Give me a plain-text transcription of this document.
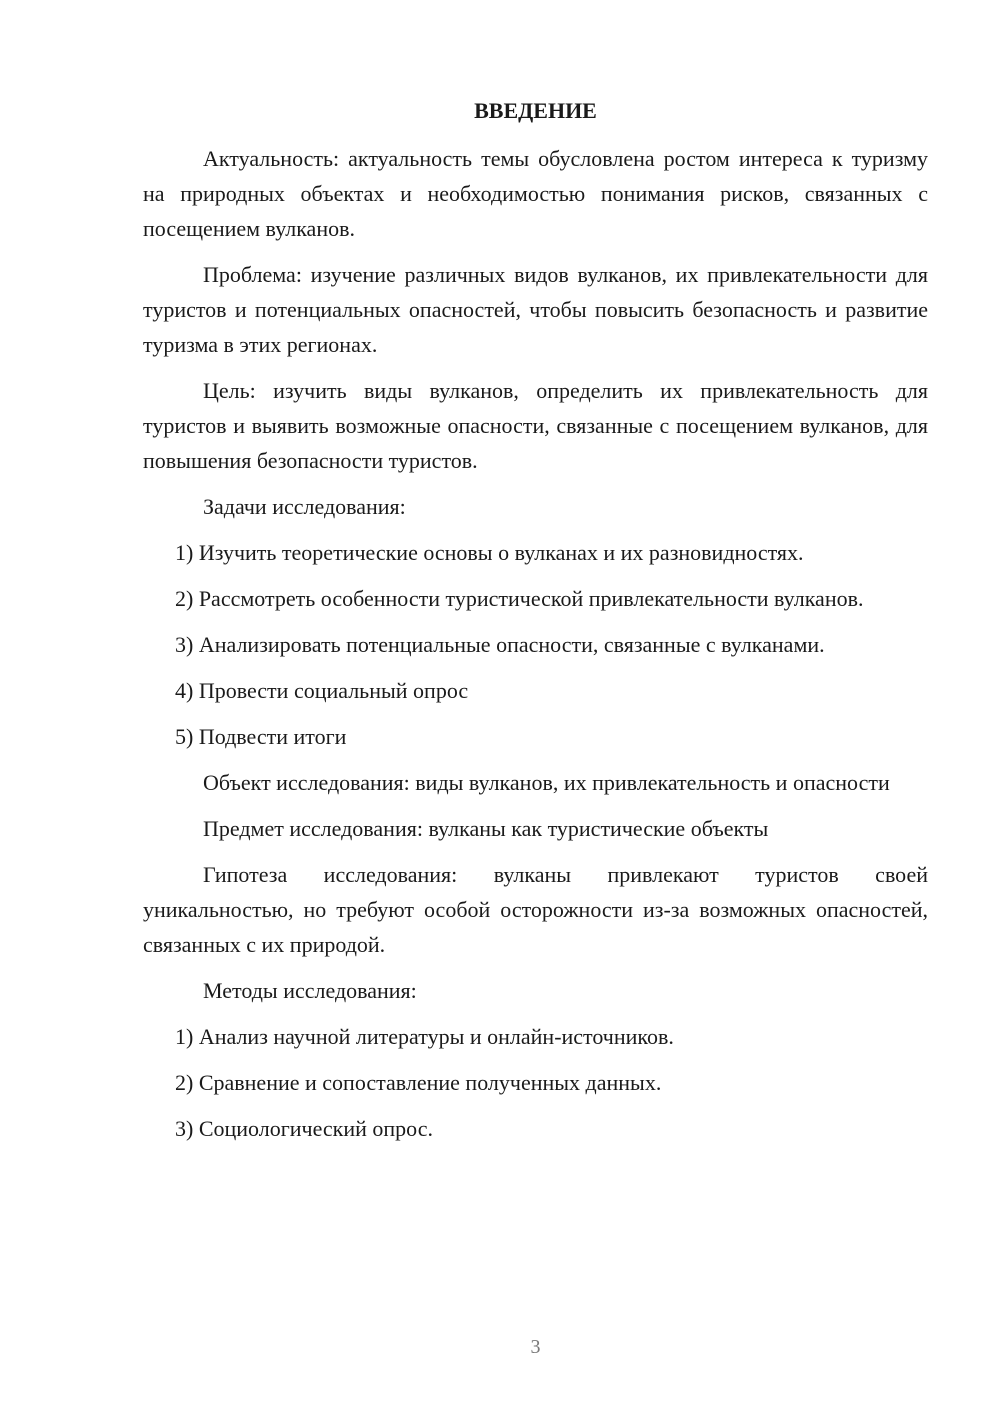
ВВЕДЕНИЕ

Актуальность: актуальность темы обусловлена ростом интереса к туризму на природных объектах и необходимостью понимания рисков, связанных с посещением вулканов.

Проблема: изучение различных видов вулканов, их привлекательности для туристов и потенциальных опасностей, чтобы повысить безопасность и развитие туризма в этих регионах.

Цель: изучить виды вулканов, определить их привлекательность для туристов и выявить возможные опасности, связанные с посещением вулканов, для повышения безопасности туристов.

Задачи исследования:

1) Изучить теоретические основы о вулканах и их разновидностях.

2) Рассмотреть особенности туристической привлекательности вулканов.

3) Анализировать потенциальные опасности, связанные с вулканами.

4) Провести социальный опрос

5) Подвести итоги

Объект исследования: виды вулканов, их привлекательность и опасности

Предмет исследования: вулканы как туристические объекты

Гипотеза исследования: вулканы привлекают туристов своей уникальностью, но требуют особой осторожности из-за возможных опасностей, связанных с их природой.

Методы исследования:

1) Анализ научной литературы и онлайн-источников.

2) Сравнение и сопоставление полученных данных.

3) Социологический опрос.

3
